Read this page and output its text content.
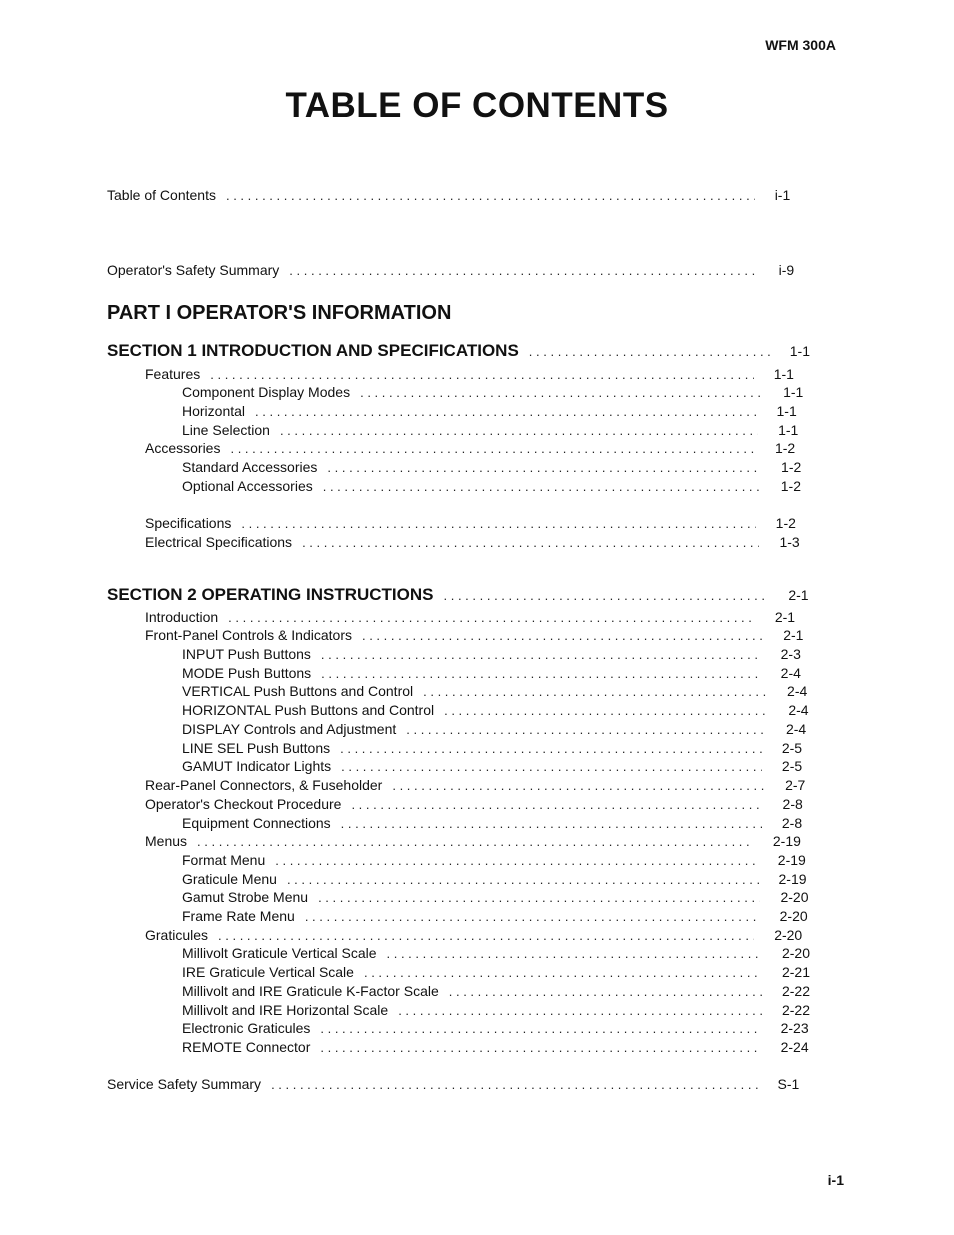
WFM 300A
TABLE OF CONTENTS
PART I OPERATOR'S INFORMATION
Table of Contents . . .	i-1
Operator's Safety Summary . . .	i-9
SECTION 1 INTRODUCTION AND SPECIFICATIONS . . .	1-1
Features . . .	1-1
Component Display Modes . . .	1-1
Horizontal . . .	1-1
Line Selection . . .	1-1
Accessories . . .	1-2
Standard Accessories . . .	1-2
Optional Accessories . . .	1-2
Specifications . . .	1-2
Electrical Specifications . . .	1-3
SECTION 2 OPERATING INSTRUCTIONS . . .	2-1
Introduction . . .	2-1
Front-Panel Controls & Indicators . . .	2-1
INPUT Push Buttons . . .	2-3
MODE Push Buttons . . .	2-4
VERTICAL Push Buttons and Control . . .	2-4
HORIZONTAL Push Buttons and Control . . .	2-4
DISPLAY Controls and Adjustment . . .	2-4
LINE SEL Push Buttons . . .	2-5
GAMUT Indicator Lights . . .	2-5
Rear-Panel Connectors, & Fuseholder . . .	2-7
Operator's Checkout Procedure . . .	2-8
Equipment Connections . . .	2-8
Menus . . .	2-19
Format Menu . . .	2-19
Graticule Menu . . .	2-19
Gamut Strobe Menu . . .	2-20
Frame Rate Menu . . .	2-20
Graticules . . .	2-20
Millivolt Graticule Vertical Scale . . .	2-20
IRE Graticule Vertical Scale . . .	2-21
Millivolt and IRE Graticule K-Factor Scale . . .	2-22
Millivolt and IRE Horizontal Scale . . .	2-22
Electronic Graticules . . .	2-23
REMOTE Connector . . .	2-24
Service Safety Summary . . .	S-1
i-1
